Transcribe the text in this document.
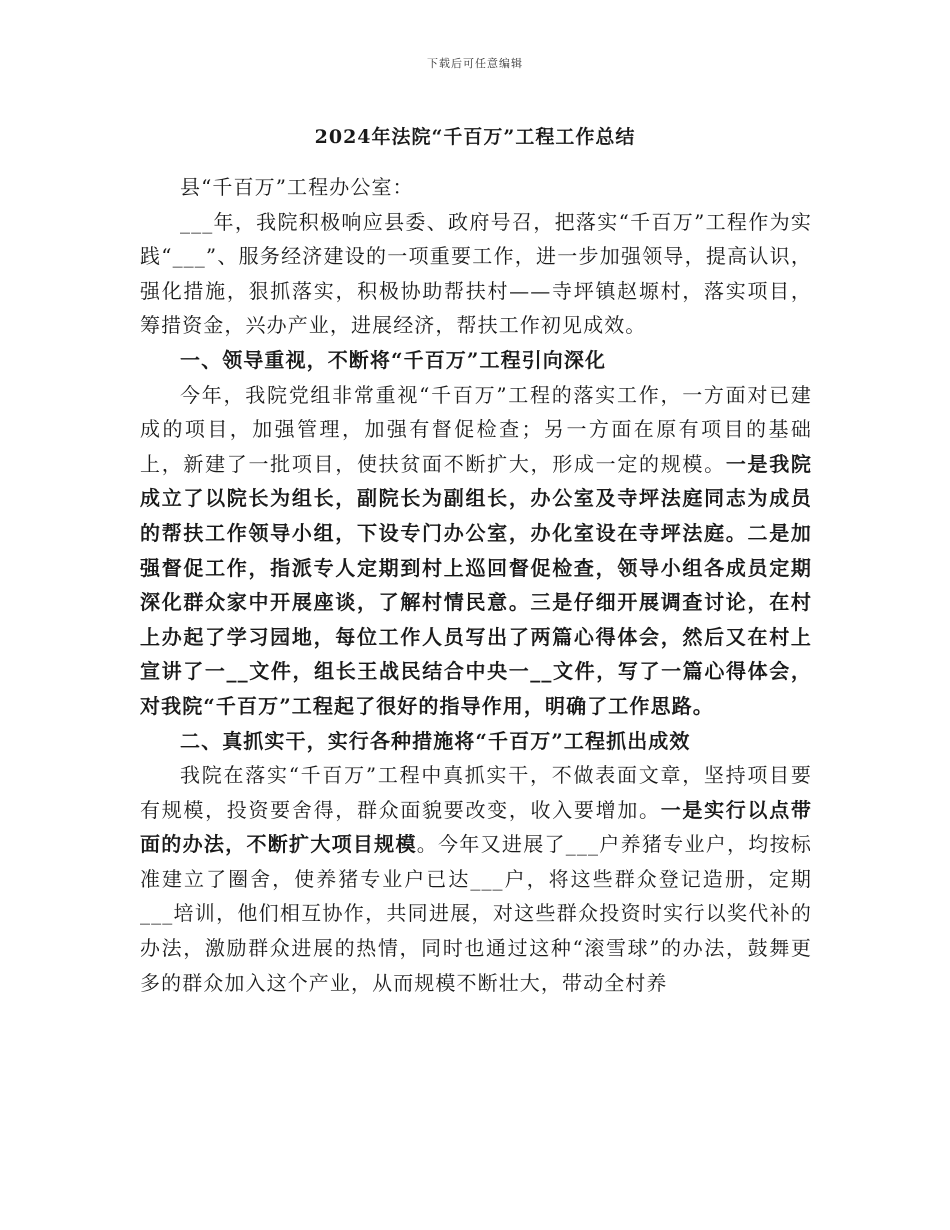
下载后可任意编辑
2024年法院“千百万”工程工作总结

县“千百万”工程办公室：

___年，我院积极响应县委、政府号召，把落实“千百万”工程作为实践“___”、服务经济建设的一项重要工作，进一步加强领导，提高认识，强化措施，狠抓落实，积极协助帮扶村——寺坪镇赵塬村，落实项目，筹措资金，兴办产业，进展经济，帮扶工作初见成效。

一、领导重视，不断将“千百万”工程引向深化

今年，我院党组非常重视“千百万”工程的落实工作，一方面对已建成的项目，加强管理，加强有督促检查；另一方面在原有项目的基础上，新建了一批项目，使扶贫面不断扩大，形成一定的规模。一是我院成立了以院长为组长，副院长为副组长，办公室及寺坪法庭同志为成员的帮扶工作领导小组，下设专门办公室，办化室设在寺坪法庭。二是加强督促工作，指派专人定期到村上巡回督促检查，领导小组各成员定期深化群众家中开展座谈，了解村情民意。三是仔细开展调查讨论，在村上办起了学习园地，每位工作人员写出了两篇心得体会，然后又在村上宣讲了一__文件，组长王战民结合中央一__文件，写了一篇心得体会，对我院“千百万”工程起了很好的指导作用，明确了工作思路。

二、真抓实干，实行各种措施将“千百万”工程抓出成效

我院在落实“千百万”工程中真抓实干，不做表面文章，坚持项目要有规模，投资要舍得，群众面貌要改变，收入要增加。一是实行以点带面的办法，不断扩大项目规模。今年又进展了___户养猪专业户，均按标准建立了圈舍，使养猪专业户已达___户，将这些群众登记造册，定期___培训，他们相互协作，共同进展，对这些群众投资时实行以奖代补的办法，激励群众进展的热情，同时也通过这种“滚雪球”的办法，鼓舞更多的群众加入这个产业，从而规模不断壮大，带动全村养
